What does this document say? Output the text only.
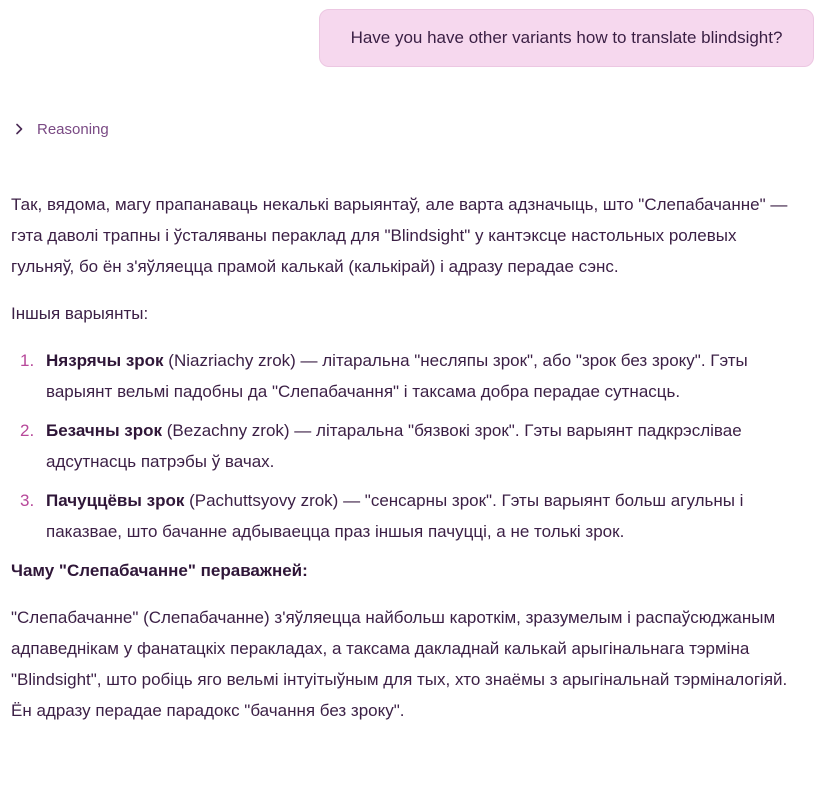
Have you have other variants how to translate blindsight?
Reasoning

Так, вядома, магу прапанаваць некалькі варыянтаў, але варта адзначыць, што "Слепабачанне" — гэта даволі трапны і ўсталяваны пераклад для "Blindsight" у кантэксце настольных ролевых гульняў, бо ён з'яўляецца прамой калькай (калькірай) і адразу перадае сэнс.

Іншыя варыянты:

1. Нязрячы зрок (Niazriachy zrok) — літаральна "несляпы зрок", або "зрок без зроку". Гэты варыянт вельмі падобны да "Слепабачання" і таксама добра перадае сутнасць.
2. Безачны зрок (Bezachny zrok) — літаральна "бязвокі зрок". Гэты варыянт падкрэслівае адсутнасць патрэбы ў вачах.
3. Пачуццёвы зрок (Pachuttsyovy zrok) — "сенсарны зрок". Гэты варыянт больш агульны і паказвае, што бачанне адбываецца праз іншыя пачуцці, а не толькі зрок.

Чаму "Слепабачанне" пераважней:

"Слепабачанне" (Слепабачанне) з'яўляецца найбольш кароткім, зразумелым і распаўсюджаным адпаведнікам у фанатацкіх перакладах, а таксама дакладнай калькай арыгінальнага тэрміна "Blindsight", што робіць яго вельмі інтуітыўным для тых, хто знаёмы з арыгінальнай тэрміналогіяй. Ён адразу перадае парадокс "бачання без зроку".
